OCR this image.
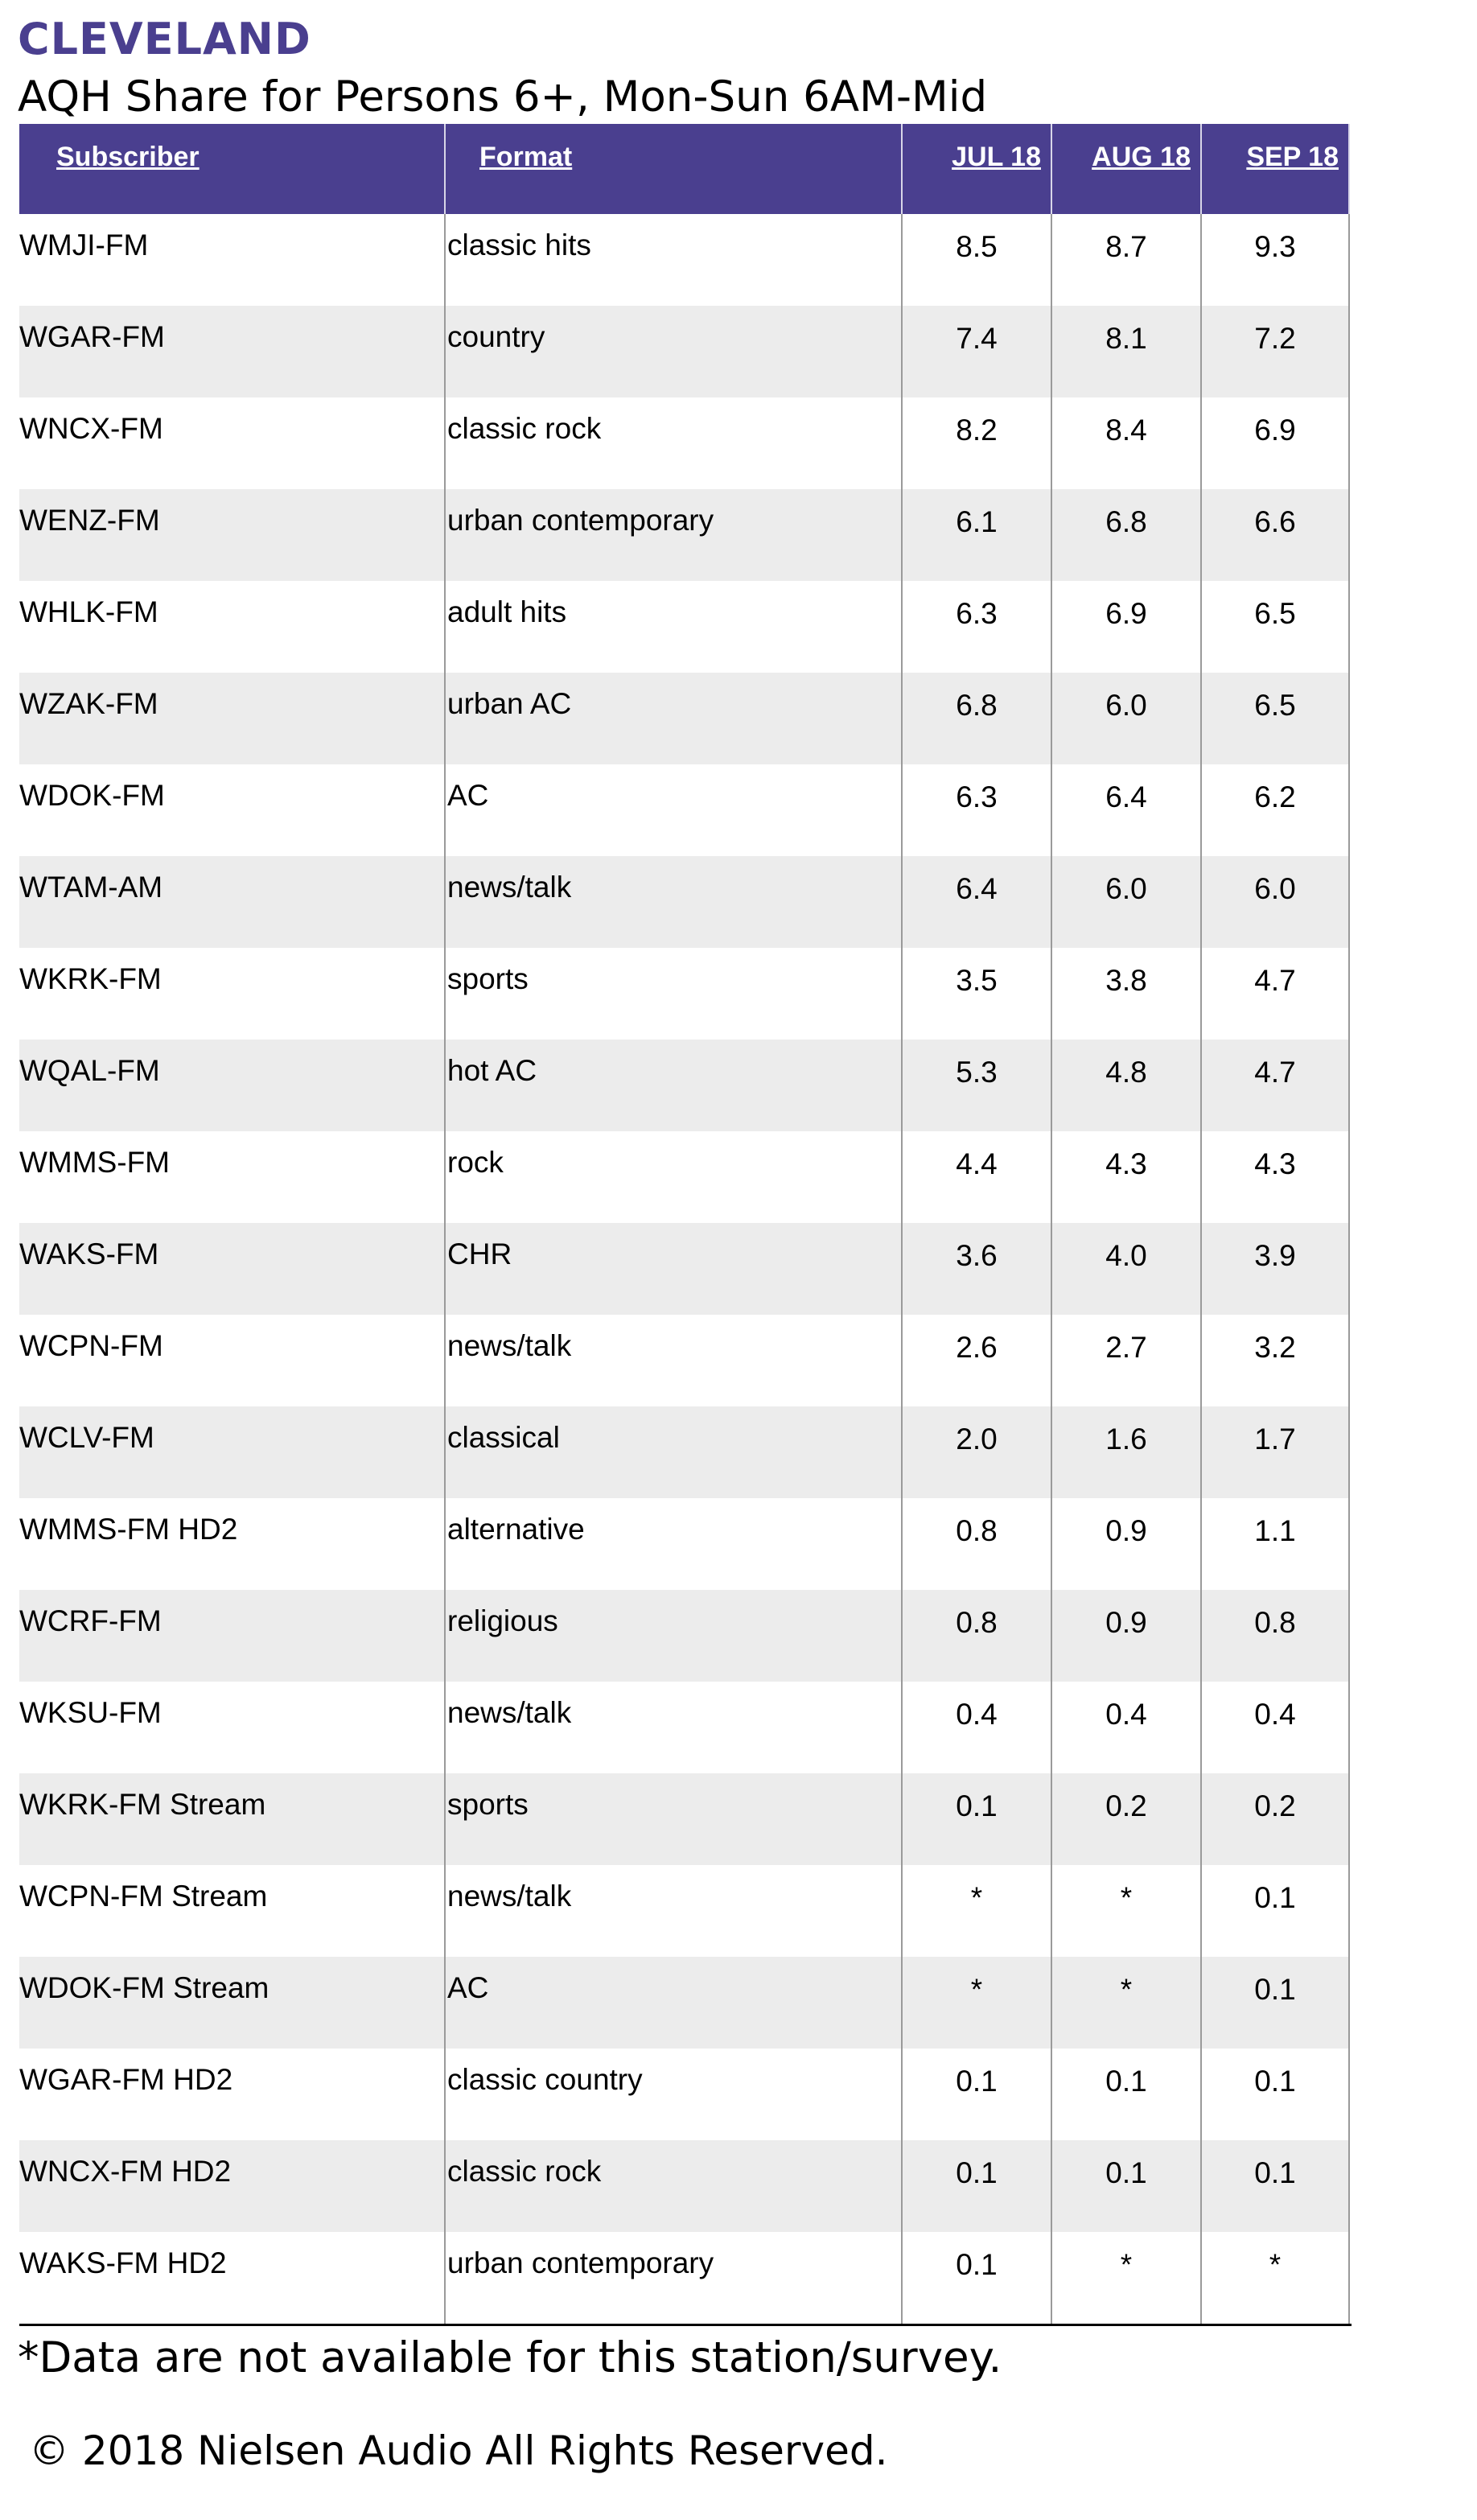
CLEVELAND
AQH Share for Persons 6+, Mon-Sun 6AM-Mid
Subscriber	Format	JUL 18 AUG 18 SEP 18
WMJI-FM	classic hits	8.5	8.7	9.3
WGAR-FM	country	7.4	8.1	7.2
WNCX-FM	classic rock	8.2	8.4	6.9
WENZ-FM	urban contemporary	6.1	6.8	6.6
WHLK-FM	adult hits	6.3	6.9	6.5
WZAK-FM	urban AC	6.8	6.0	6.5
WDOK-FM	AC	6.3	6.4	6.2
WTAM-AM	news/talk	6.4	6.0	6.0
WKRK-FM	sports	3.5	3.8	4.7
WQAL-FM	hot AC	5.3	4.8	4.7
WMMS-FM	rock	4.4	4.3	4.3
WAKS-FM	CHR	3.6	4.0	3.9
WCPN-FM	news/talk	2.6	2.7	3.2
WCLV-FM	classical	2.0	1.6	1.7
WMMS-FM HD2	alternative	0.8	0.9	1.1
WCRF-FM	religious	0.8	0.9	0.8
WKSU-FM	news/talk	0.4	0.4	0.4
WKRK-FM Stream	sports	0.1	0.2	0.2
WCPN-FM Stream	news/talk	*	*	0.1
WDOK-FM Stream	AC	*	*	0.1
WGAR-FM HD2	classic country	0.1	0.1	0.1
WNCX-FM HD2	classic rock	0.1	0.1	0.1
WAKS-FM HD2	urban contemporary	0.1	*	*
*Data are not available for this station/survey.
© 2018 Nielsen Audio All Rights Reserved.
